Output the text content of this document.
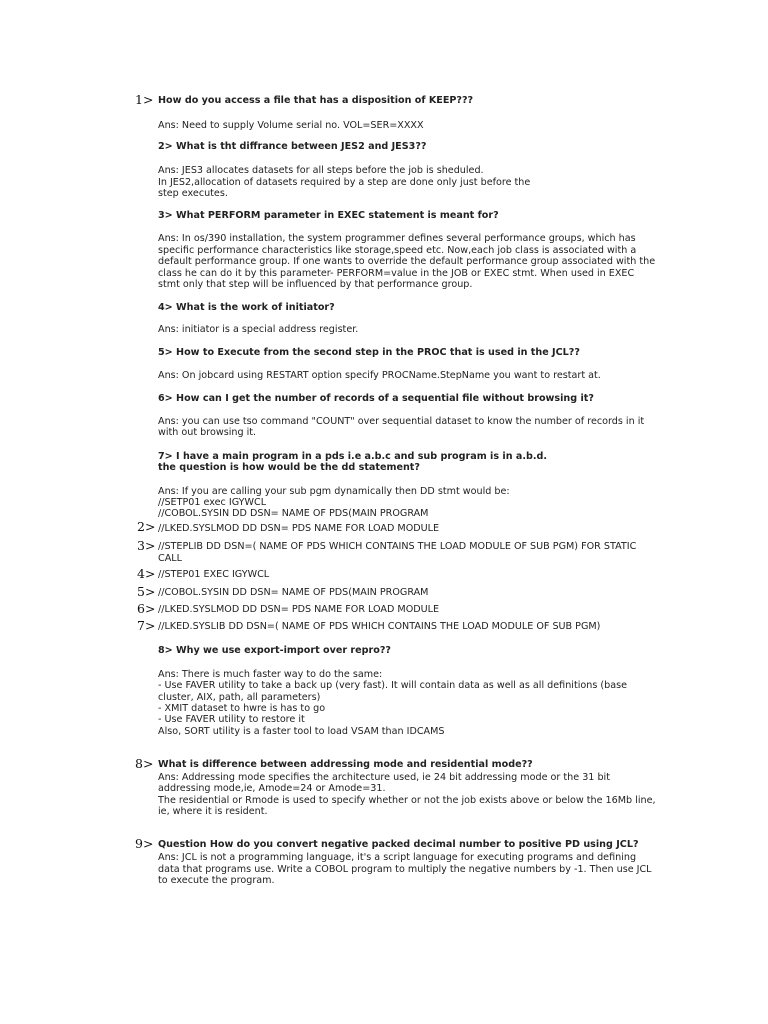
1> How do you access a file that has a disposition of KEEP???
Ans: Need to supply Volume serial no. VOL=SER=XXXX
2> What is tht diffrance between JES2 and JES3??
Ans: JES3 allocates datasets for all steps before the job is sheduled.
In JES2,allocation of datasets required by a step are done only just before the
step executes.
3> What PERFORM parameter in EXEC statement is meant for?
Ans: In os/390 installation, the system programmer defines several performance groups, which has
specific performance characteristics like storage,speed etc. Now,each job class is associated with a
default performance group. If one wants to override the default performance group associated with the
class he can do it by this parameter- PERFORM=value in the JOB or EXEC stmt. When used in EXEC
stmt only that step will be influenced by that performance group.
4> What is the work of initiator?
Ans: initiator is a special address register.
5> How to Execute from the second step in the PROC that is used in the JCL??
Ans: On jobcard using RESTART option specify PROCName.StepName you want to restart at.
6> How can I get the number of records of a sequential file without browsing it?
Ans: you can use tso command "COUNT" over sequential dataset to know the number of records in it
with out browsing it.
7> I have a main program in a pds i.e a.b.c and sub program is in a.b.d.
the question is how would be the dd statement?
Ans: If you are calling your sub pgm dynamically then DD stmt would be:
//SETP01 exec IGYWCL
//COBOL.SYSIN DD DSN= NAME OF PDS(MAIN PROGRAM
2> //LKED.SYSLMOD DD DSN= PDS NAME FOR LOAD MODULE
3> //STEPLIB DD DSN=( NAME OF PDS WHICH CONTAINS THE LOAD MODULE OF SUB PGM) FOR STATIC
CALL
4> //STEP01 EXEC IGYWCL
5> //COBOL.SYSIN DD DSN= NAME OF PDS(MAIN PROGRAM
6> //LKED.SYSLMOD DD DSN= PDS NAME FOR LOAD MODULE
7> //LKED.SYSLIB DD DSN=( NAME OF PDS WHICH CONTAINS THE LOAD MODULE OF SUB PGM)
8> Why we use export-import over repro??
Ans: There is much faster way to do the same:
- Use FAVER utility to take a back up (very fast). It will contain data as well as all definitions (base
cluster, AIX, path, all parameters)
- XMIT dataset to hwre is has to go
- Use FAVER utility to restore it
Also, SORT utility is a faster tool to load VSAM than IDCAMS
8> What is difference between addressing mode and residential mode??
Ans: Addressing mode specifies the architecture used, ie 24 bit addressing mode or the 31 bit
addressing mode,ie, Amode=24 or Amode=31.
The residential or Rmode is used to specify whether or not the job exists above or below the 16Mb line,
ie, where it is resident.
9> Question How do you convert negative packed decimal number to positive PD using JCL?
Ans: JCL is not a programming language, it's a script language for executing programs and defining
data that programs use. Write a COBOL program to multiply the negative numbers by -1. Then use JCL
to execute the program.
